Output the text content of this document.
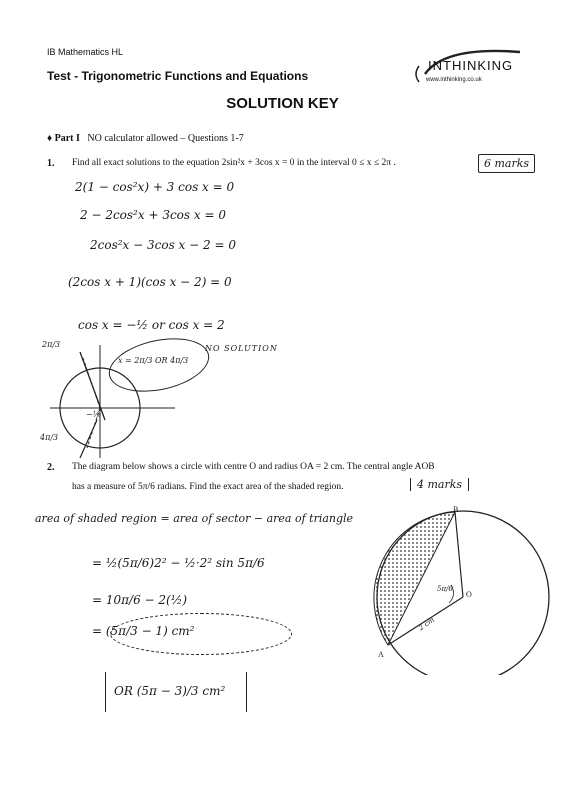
IB Mathematics HL
Test - Trigonometric Functions and Equations
SOLUTION KEY
INTHINKING
www.inthinking.co.uk
♦ Part I NO calculator allowed – Questions 1-7
1. Find all exact solutions to the equation 2sin²x + 3cos x = 0 in the interval 0 ≤ x ≤ 2π .	6 marks
2(1 − cos²x) + 3 cos x = 0
2 − 2cos²x + 3cos x = 0
2cos²x − 3cos x − 2 = 0
(2cos x + 1)(cos x − 2) = 0
cos x = −½ or cos x = 2
2π/3
4π/3
−½
x = 2π/3 OR 4π/3
NO SOLUTION
2. The diagram below shows a circle with centre O and radius OA = 2 cm. The central angle AOB
has a measure of 5π/6 radians. Find the exact area of the shaded region.	4 marks
area of shaded region = area of sector − area of triangle
= ½(5π/6)2² − ½·2² sin 5π/6
= 10π/6 − 2(½)
= (5π/3 − 1) cm²
OR (5π − 3)/3 cm²
B
A
O
5π/6
2 cm
